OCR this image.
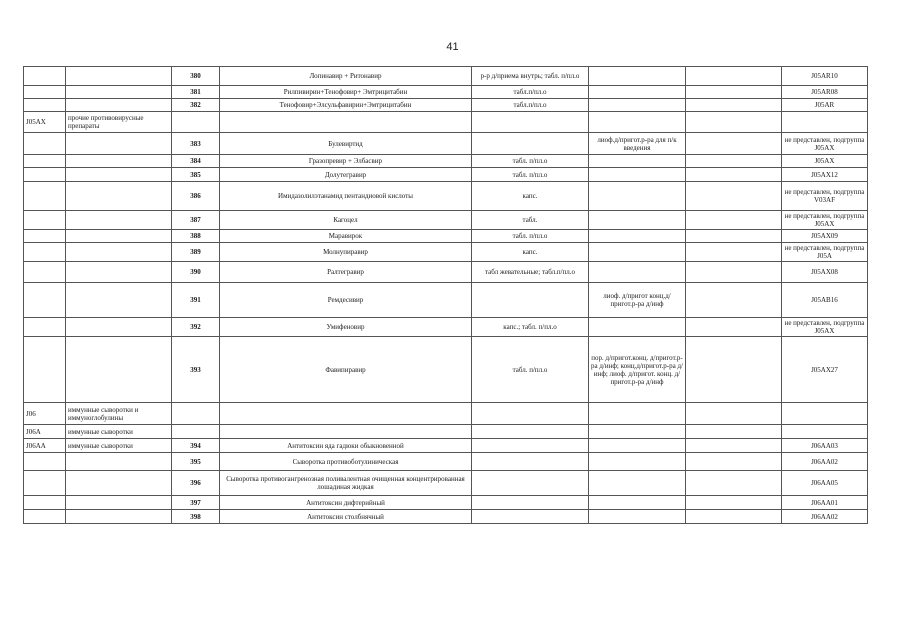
41
		380	Лопинавир + Ритонавир	р-р д/приема внутрь; табл. п/пл.о			J05AR10
		381	Рилпивирин+Тенофовир+ Эмтрицитабин	табл.п/пл.о			J05AR08
		382	Тенофовир+Элсульфавирин+Эмтрицитабин	табл.п/пл.о			J05AR
J05AX	прочие противовирусные препараты						
		383	Булевиртид		лиоф.д/пригот.р-ра для п/к введения		не представлен, подгруппа J05AX
		384	Гразопревир + Элбасвир	табл. п/пл.о			J05AX
		385	Долутегравир	табл. п/пл.о			J05AX12
		386	Имидазолилэтанамид пентандиовой кислоты	капс.			не представлен, подгруппа V03AF
		387	Кагоцел	табл.			не представлен, подгруппа J05AX
		388	Маравирок	табл. п/пл.о			J05AX09
		389	Молнупиравир	капс.			не представлен, подгруппа J05A
		390	Ралтегравир	табл жевательные; табл.п/пл.о			J05AX08
		391	Ремдесивир		лиоф. д/пригот конц.д/пригот.р-ра д/инф		J05AB16
		392	Умифеновир	капс.; табл. п/пл.о			не представлен, подгруппа J05AX
		393	Фавипиравир	табл. п/пл.о	пор. д/пригот.конц. д/пригот.р-ра д/инф; конц.д/пригот.р-ра д/инф; лиоф. д/пригот. конц. д/пригот.р-ра д/инф		J05AX27
J06	иммунные сыворотки и иммуноглобулины						
J06A	иммунные сыворотки						
J06AA	иммунные сыворотки	394	Антитоксин яда гадюки обыкновенной				J06AA03
		395	Сыворотка противоботулиническая				J06AA02
		396	Сыворотка противогангренозная поливалентная очищенная концентрированная лошадиная жидкая				J06AA05
		397	Антитоксин дифтерийный				J06AA01
		398	Антитоксин столбнячный				J06AA02
